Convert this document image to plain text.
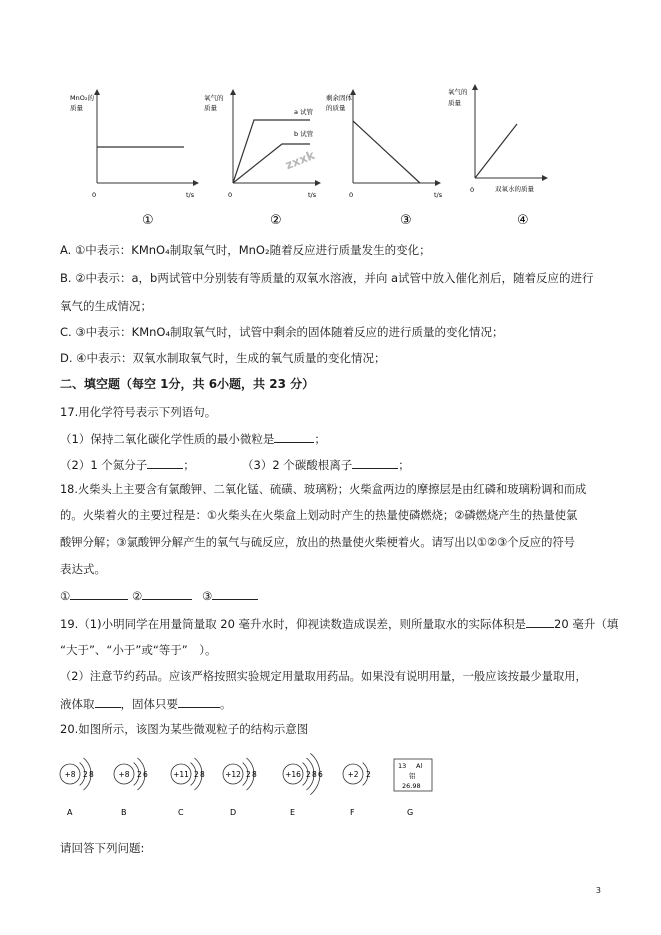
MnO₂的
质量
0	t/s
①
氧气的
质量	a 试管
b 试管
0	t/s
②
zxxk
剩余固体
的质量
0	t/s
③
氧气的
质量
0	双氧水的质量
④
A. ①中表示：KMnO₄制取氧气时，MnO₂随着反应进行质量发生的变化；
B. ②中表示：a，b两试管中分别装有等质量的双氧水溶液，并向 a试管中放入催化剂后，随着反应的进行
氧气的生成情况；
C. ③中表示：KMnO₄制取氧气时，试管中剩余的固体随着反应的进行质量的变化情况；
D. ④中表示：双氧水制取氧气时，生成的氧气质量的变化情况；
二、填空题（每空 1分，共 6小题，共 23 分）
17.用化学符号表示下列语句。
（1）保持二氧化碳化学性质的最小微粒是	；
（2）1 个氮分子	；	（3）2 个碳酸根离子	；
18.火柴头上主要含有氯酸钾、二氧化锰、硫磺、玻璃粉；火柴盒两边的摩擦层是由红磷和玻璃粉调和而成
的。火柴着火的主要过程是：①火柴头在火柴盒上划动时产生的热量使磷燃烧；②磷燃烧产生的热量使氯
酸钾分解；③氯酸钾分解产生的氧气与硫反应，放出的热量使火柴梗着火。请写出以①②③个反应的符号
表达式。
①	②	③
19.（1)小明同学在用量筒量取 20 毫升水时，仰视读数造成误差，则所量取水的实际体积是 20 毫升（填
“大于”、“小于”或“等于”　）。
（2）注意节约药品。应该严格按照实验规定用量取用药品。如果没有说明用量，一般应该按最少量取用，
液体取 ，固体只要	。
20.如图所示，该图为某些微观粒子的结构示意图
13 Al
铝
26.98
G
+8 2 8
A
+8 2 6
B
+11 2 8
C
+12 2 8
D
+16 2 8 6
E
+2 2
F
请回答下列问题:
3
